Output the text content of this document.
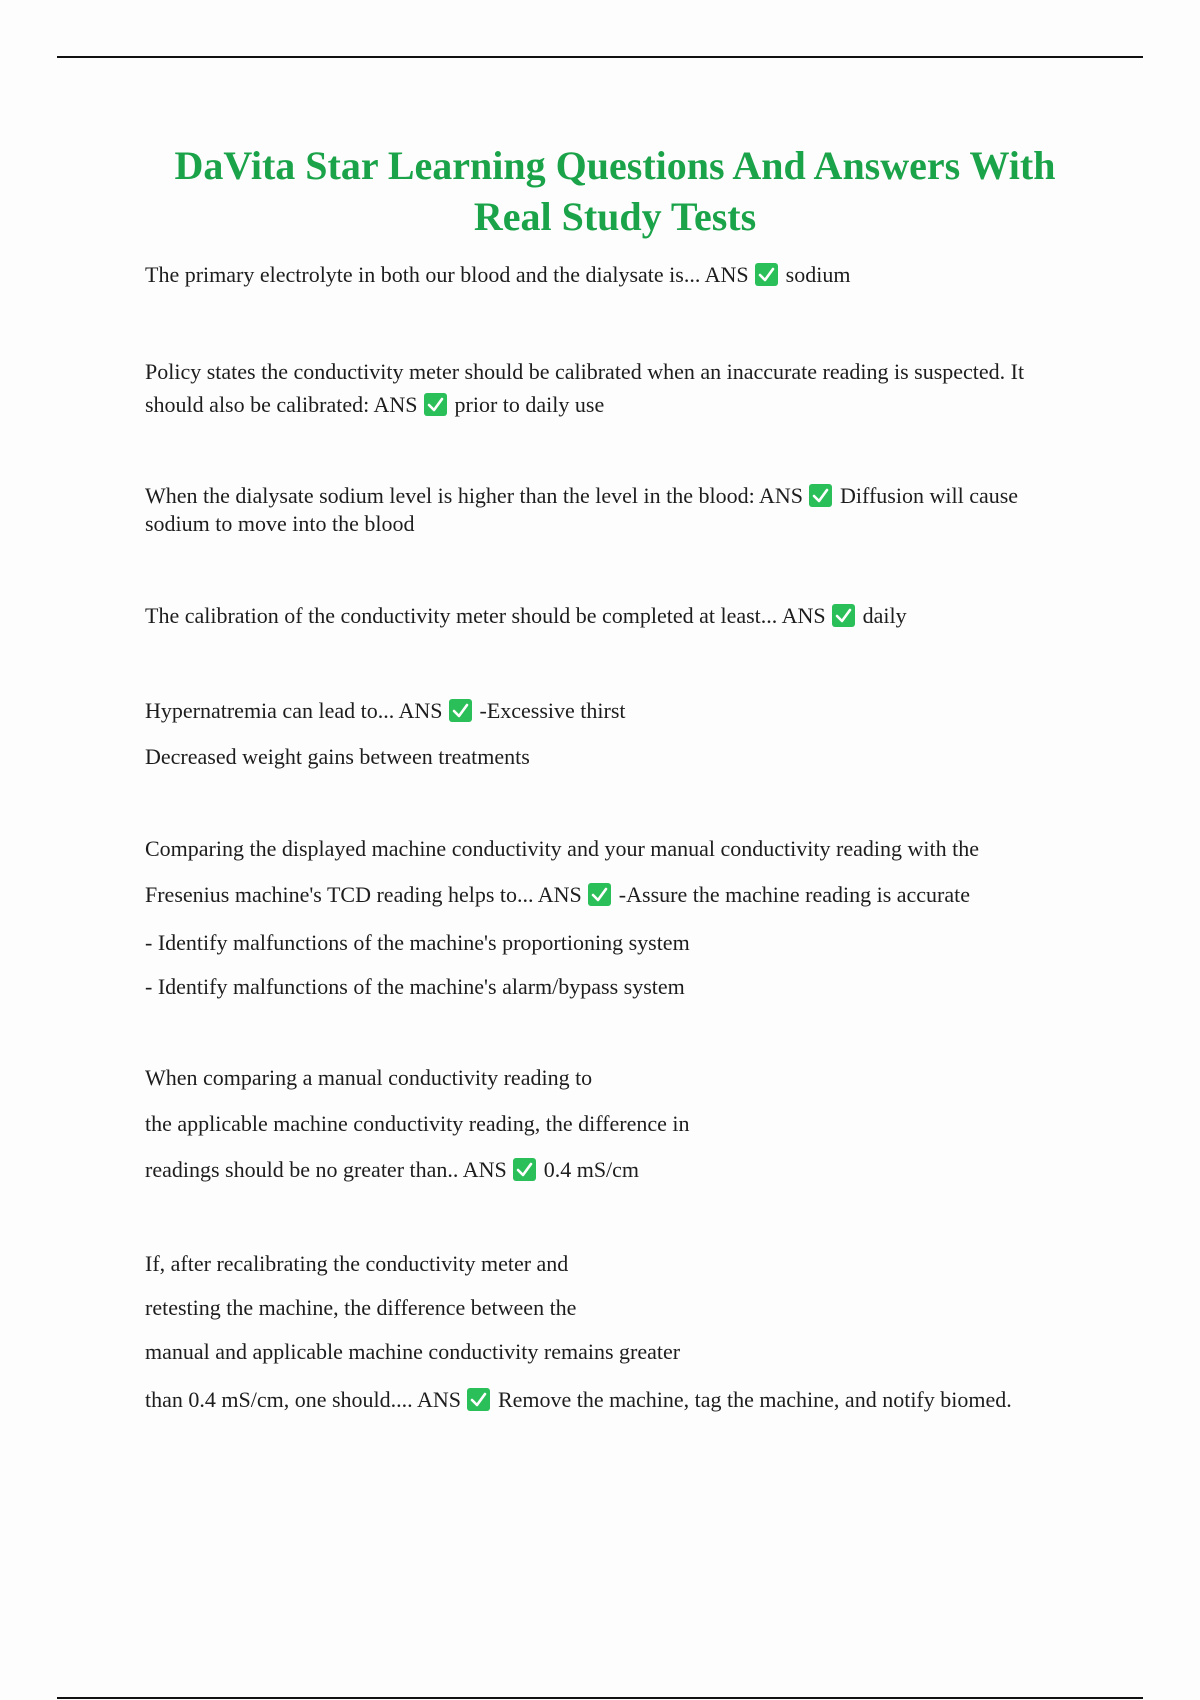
DaVita Star Learning Questions And Answers With Real Study Tests
The primary electrolyte in both our blood and the dialysate is... ANS sodium
Policy states the conductivity meter should be calibrated when an inaccurate reading is suspected. It should also be calibrated: ANS prior to daily use
When the dialysate sodium level is higher than the level in the blood: ANS Diffusion will cause sodium to move into the blood
The calibration of the conductivity meter should be completed at least... ANS daily
Hypernatremia can lead to... ANS -Excessive thirst
Decreased weight gains between treatments
Comparing the displayed machine conductivity and your manual conductivity reading with the
Fresenius machine's TCD reading helps to... ANS -Assure the machine reading is accurate
- Identify malfunctions of the machine's proportioning system
- Identify malfunctions of the machine's alarm/bypass system
When comparing a manual conductivity reading to
the applicable machine conductivity reading, the difference in
readings should be no greater than.. ANS 0.4 mS/cm
If, after recalibrating the conductivity meter and
retesting the machine, the difference between the
manual and applicable machine conductivity remains greater
than 0.4 mS/cm, one should.... ANS Remove the machine, tag the machine, and notify biomed.
